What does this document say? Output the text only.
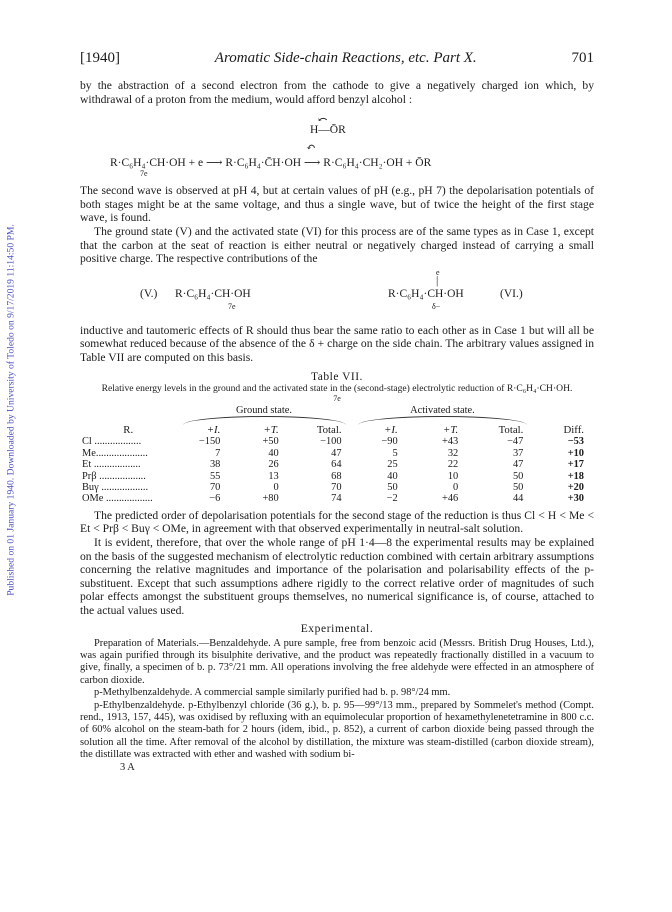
Published on 01 January 1940. Downloaded by University of Toledo on 9/17/2019 11:14:50 PM.
[1940]	Aromatic Side-chain Reactions, etc. Part X.	701

by the abstraction of a second electron from the cathode to give a negatively charged ion which, by withdrawal of a proton from the medium, would afford benzyl alcohol :

⤺
H—ŌR
↶
R·C₆H₄·CH·OH + e ⟶ R·C₆H₄·C̄H·OH ⟶ R·C₆H₄·CH₂·OH + ŌR
7e

The second wave is observed at pH 4, but at certain values of pH (e.g., pH 7) the depolarisation potentials of both stages might be at the same voltage, and thus a single wave, but of twice the height of the first stage wave, is found.

The ground state (V) and the activated state (VI) for this process are of the same types as in Case 1, except that the carbon at the seat of reaction is either neutral or negatively charged instead of carrying a small positive charge. The respective contributions of the

(V.) R·C₆H₄·CH·OH
7e
e
|
R·C₆H₄·CH·OH
δ−
(VI.)

inductive and tautomeric effects of R should thus bear the same ratio to each other as in Case 1 but will all be somewhat reduced because of the absence of the δ + charge on the side chain. The arbitrary values assigned in Table VII are computed on this basis.

Table VII.
Relative energy levels in the ground and the activated state in the (second-stage) electrolytic reduction of R·C₆H₄·CH·OH.
7e
	Ground state.			Activated state.			

R.	+I.	+T.	Total.	+I.	+T.	Total.	Diff.
Cl ..................	−150	+50	−100	−90	+43	−47	−53
Me....................	7	40	47	5	32	37	+10
Et ..................	38	26	64	25	22	47	+17
Prβ ..................	55	13	68	40	10	50	+18
Buγ ..................	70	0	70	50	0	50	+20
OMe ..................	−6	+80	74	−2	+46	44	+30

The predicted order of depolarisation potentials for the second stage of the reduction is thus Cl < H < Me < Et < Prβ < Buγ < OMe, in agreement with that observed experimentally in neutral-salt solution.

It is evident, therefore, that over the whole range of pH 1·4—8 the experimental results may be explained on the basis of the suggested mechanism of electrolytic reduction combined with certain arbitrary assumptions concerning the relative magnitudes and importance of the polarisation and polarisability effects of the p-substituent. Except that such assumptions adhere rigidly to the correct relative order of magnitudes of such polar effects amongst the substituent groups themselves, no numerical significance is, of course, attached to the actual values used.

Experimental.

Preparation of Materials.—Benzaldehyde. A pure sample, free from benzoic acid (Messrs. British Drug Houses, Ltd.), was again purified through its bisulphite derivative, and the product was repeatedly fractionally distilled in a vacuum to give, finally, a specimen of b. p. 73°/21 mm. All operations involving the free aldehyde were effected in an atmosphere of carbon dioxide.

p-Methylbenzaldehyde. A commercial sample similarly purified had b. p. 98°/24 mm.

p-Ethylbenzaldehyde. p-Ethylbenzyl chloride (36 g.), b. p. 95—99°/13 mm., prepared by Sommelet's method (Compt. rend., 1913, 157, 445), was oxidised by refluxing with an equimolecular proportion of hexamethylenetetramine in 800 c.c. of 60% alcohol on the steam-bath for 2 hours (idem, ibid., p. 852), a current of carbon dioxide being passed through the solution all the time. After removal of the alcohol by distillation, the mixture was steam-distilled (carbon dioxide stream), the distillate was extracted with ether and washed with sodium bi-

3 A
